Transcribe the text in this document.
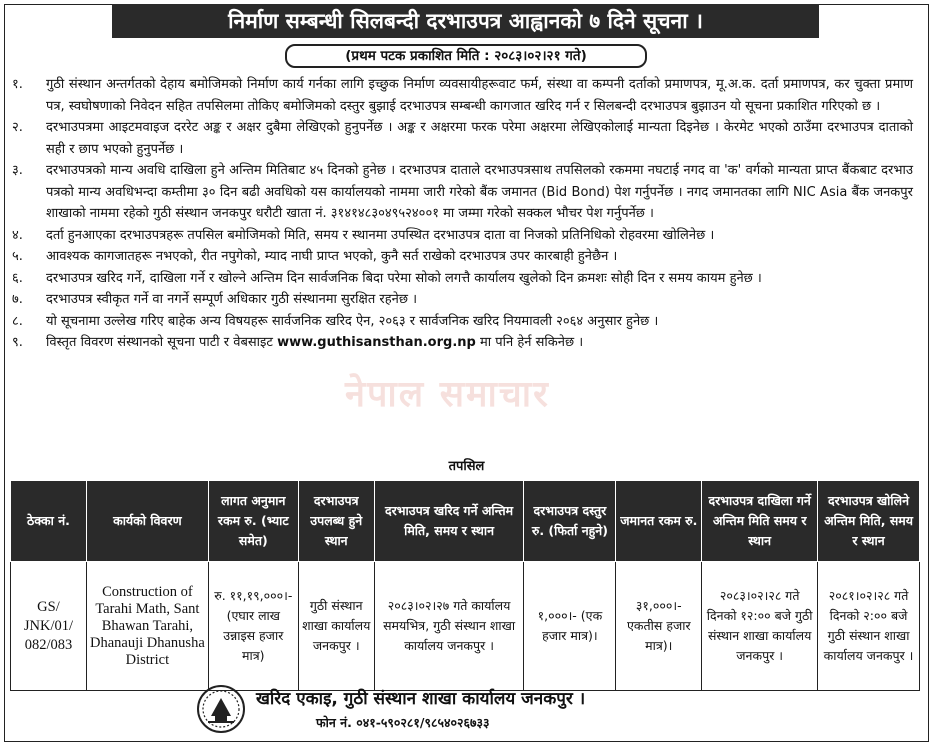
निर्माण सम्बन्धी सिलबन्दी दरभाउपत्र आह्वानको ७ दिने सूचना ।
(प्रथम पटक प्रकाशित मिति : २०८३।०२।२१ गते)
१.	गुठी संस्थान अन्तर्गतको देहाय बमोजिमको निर्माण कार्य गर्नका लागि इच्छुक निर्माण व्यवसायीहरूवाट फर्म, संस्था वा कम्पनी दर्ताको प्रमाणपत्र, मू.अ.क. दर्ता प्रमाणपत्र, कर चुक्ता प्रमाण पत्र, स्वघोषणाको निवेदन सहित तपसिलमा तोकिए बमोजिमको दस्तुर बुझाई दरभाउपत्र सम्बन्धी कागजात खरिद गर्न र सिलबन्दी दरभाउपत्र बुझाउन यो सूचना प्रकाशित गरिएको छ ।
२.	दरभाउपत्रमा आइटमवाइज दररेट अङ्क र अक्षर दुबैमा लेखिएको हुनुपर्नेछ । अङ्क र अक्षरमा फरक परेमा अक्षरमा लेखिएकोलाई मान्यता दिइनेछ । केरमेट भएको ठाउँमा दरभाउपत्र दाताको सही र छाप भएको हुनुपर्नेछ ।
३.	दरभाउपत्रको मान्य अवधि दाखिला हुने अन्तिम मितिबाट ४५ दिनको हुनेछ । दरभाउपत्र दाताले दरभाउपत्रसाथ तपसिलको रकममा नघटाई नगद वा 'क' वर्गको मान्यता प्राप्त बैंकबाट दरभाउ पत्रको मान्य अवधिभन्दा कम्तीमा ३० दिन बढी अवधिको यस कार्यालयको नाममा जारी गरेको बैंक जमानत (Bid Bond) पेश गर्नुपर्नेछ । नगद जमानतका लागि NIC Asia बैंक जनकपुर शाखाको नाममा रहेको गुठी संस्थान जनकपुर धरौटी खाता नं. ३१४१४८३०४९५२४००१ मा जम्मा गरेको सक्कल भौचर पेश गर्नुपर्नेछ ।
४.	दर्ता हुनआएका दरभाउपत्रहरू तपसिल बमोजिमको मिति, समय र स्थानमा उपस्थित दरभाउपत्र दाता वा निजको प्रतिनिधिको रोहवरमा खोलिनेछ ।
५.	आवश्यक कागजातहरू नभएको, रीत नपुगेको, म्याद नाघी प्राप्त भएको, कुनै सर्त राखेको दरभाउपत्र उपर कारबाही हुनेछैन ।
६.	दरभाउपत्र खरिद गर्ने, दाखिला गर्ने र खोल्ने अन्तिम दिन सार्वजनिक बिदा परेमा सोको लगत्तै कार्यालय खुलेको दिन क्रमशः सोही दिन र समय कायम हुनेछ ।
७.	दरभाउपत्र स्वीकृत गर्ने वा नगर्ने सम्पूर्ण अधिकार गुठी संस्थानमा सुरक्षित रहनेछ ।
८.	यो सूचनामा उल्लेख गरिए बाहेक अन्य विषयहरू सार्वजनिक खरिद ऐन, २०६३ र सार्वजनिक खरिद नियमावली २०६४ अनुसार हुनेछ ।
९.	विस्तृत विवरण संस्थानको सूचना पाटी र वेबसाइट www.guthisansthan.org.np मा पनि हेर्न सकिनेछ ।
नेपाल समाचार
तपसिल
ठेक्का नं.	कार्यको विवरण	लागत अनुमान रकम रु. (भ्याट समेत)	दरभाउपत्र उपलब्ध हुने स्थान	दरभाउपत्र खरिद गर्ने अन्तिम मिति, समय र स्थान	दरभाउपत्र दस्तुर रु. (फिर्ता नहुने)	जमानत रकम रु.	दरभाउपत्र दाखिला गर्ने अन्तिम मिति समय र स्थान	दरभाउपत्र खोलिने अन्तिम मिति, समय र स्थान
GS/ JNK/01/ 082/083	Construction of Tarahi Math, Sant Bhawan Tarahi, Dhanauji Dhanusha District	रु. ११,१९,०००।- (एघार लाख उन्नाइस हजार मात्र)	गुठी संस्थान शाखा कार्यालय जनकपुर ।	२०८३।०२।२७ गते कार्यालय समयभित्र, गुठी संस्थान शाखा कार्यालय जनकपुर ।	१,०००।- (एक हजार मात्र)।	३१,०००।- एकतीस हजार मात्र)।	२०८३।०२।२८ गते दिनको १२:०० बजे गुठी संस्थान शाखा कार्यालय जनकपुर ।	२०८१।०२।२८ गते दिनको २:०० बजे गुठी संस्थान शाखा कार्यालय जनकपुर ।
खरिद एकाइ, गुठी संस्थान शाखा कार्यालय जनकपुर ।
फोन नं. ०४१-५९०२८१/९८५४०२६७३३
